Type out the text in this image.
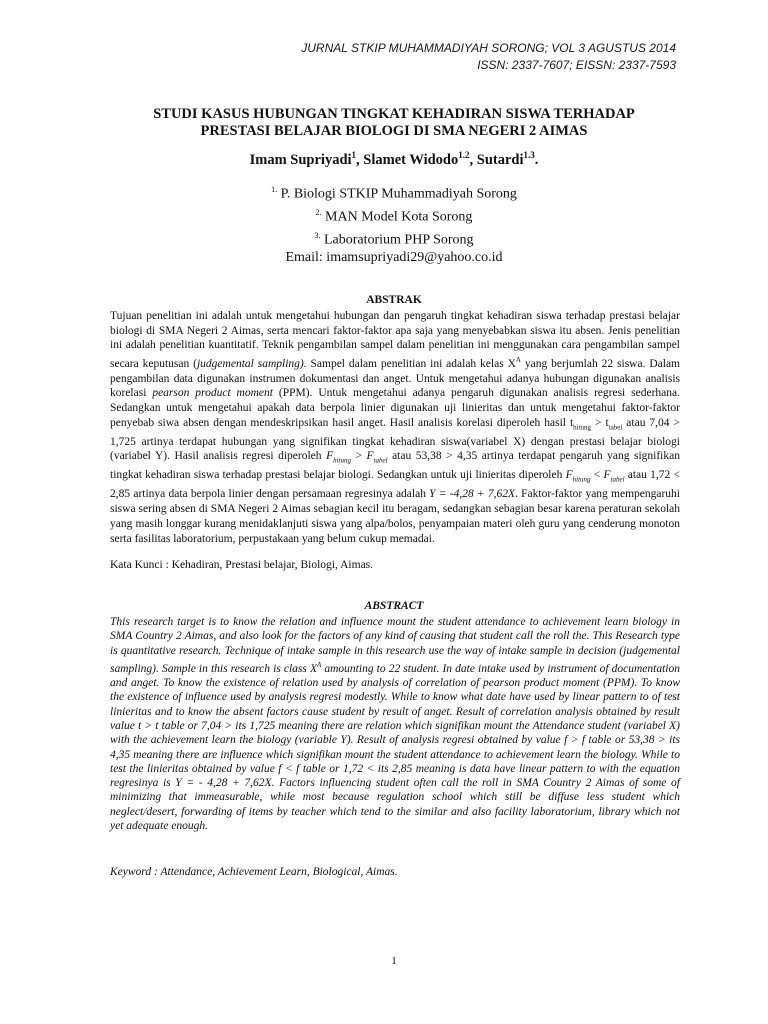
JURNAL STKIP MUHAMMADIYAH SORONG; VOL 3 AGUSTUS 2014
ISSN: 2337-7607; EISSN: 2337-7593
STUDI KASUS HUBUNGAN TINGKAT KEHADIRAN SISWA TERHADAP
PRESTASI BELAJAR BIOLOGI DI SMA NEGERI 2 AIMAS
Imam Supriyadi$^1$, Slamet Widodo$^{1.2}$, Sutardi$^{1.3}$.
$^{1.}$ P. Biologi STKIP Muhammadiyah Sorong
$^{2.}$ MAN Model Kota Sorong
$^{3.}$ Laboratorium PHP Sorong
Email: imamsupriyadi29@yahoo.co.id
ABSTRAK
Tujuan penelitian ini adalah untuk mengetahui hubungan dan pengaruh tingkat kehadiran siswa terhadap prestasi belajar biologi di SMA Negeri 2 Aimas, serta mencari faktor-faktor apa saja yang menyebabkan siswa itu absen. Jenis penelitian ini adalah penelitian kuantitatif. Teknik pengambilan sampel dalam penelitian ini menggunakan cara pengambilan sampel secara keputusan (judgemental sampling). Sampel dalam penelitian ini adalah kelas $X^A$ yang berjumlah 22 siswa. Dalam pengambilan data digunakan instrumen dokumentasi dan anget. Untuk mengetahui adanya hubungan digunakan analisis korelasi pearson product moment (PPM). Untuk mengetahui adanya pengaruh digunakan analisis regresi sederhana. Sedangkan untuk mengetahui apakah data berpola linier digunakan uji linieritas dan untuk mengetahui faktor-faktor penyebab siwa absen dengan mendeskripsikan hasil anget. Hasil analisis korelasi diperoleh hasil $t_{hitung} > t_{tabel}$ atau 7,04 > 1,725 artinya terdapat hubungan yang signifikan tingkat kehadiran siswa(variabel X) dengan prestasi belajar biologi (variabel Y). Hasil analisis regresi diperoleh $F_{hitung} > F_{tabel}$ atau 53,38 > 4,35 artinya terdapat pengaruh yang signifikan tingkat kehadiran siswa terhadap prestasi belajar biologi. Sedangkan untuk uji linieritas diperoleh $F_{hitung} < F_{tabel}$ atau 1,72 < 2,85 artinya data berpola linier dengan persamaan regresinya adalah Y = -4,28 + 7,62X. Faktor-faktor yang mempengaruhi siswa sering absen di SMA Negeri 2 Aimas sebagian kecil itu beragam, sedangkan sebagian besar karena peraturan sekolah yang masih longgar kurang menidaklanjuti siswa yang alpa/bolos, penyampaian materi oleh guru yang cenderung monoton serta fasilitas laboratorium, perpustakaan yang belum cukup memadai.
Kata Kunci : Kehadiran, Prestasi belajar, Biologi, Aimas.
ABSTRACT
This research target is to know the relation and influence mount the student attendance to achievement learn biology in SMA Country 2 Aimas, and also look for the factors of any kind of causing that student call the roll the. This Research type is quantitative research. Technique of intake sample in this research use the way of intake sample in decision (judgemental sampling). Sample in this research is class $X^A$ amounting to 22 student. In date intake used by instrument of documentation and anget. To know the existence of relation used by analysis of correlation of pearson product moment (PPM). To know the existence of influence used by analysis regresi modestly. While to know what date have used by linear pattern to of test linieritas and to know the absent factors cause student by result of anget. Result of correlation analysis obtained by result value t > t table or 7,04 > its 1,725 meaning there are relation which signifikan mount the Attendance student (variabel X) with the achievement learn the biology (variable Y). Result of analysis regresi obtained by value f > f table or 53,38 > its 4,35 meaning there are influence which signifikan mount the student attendance to achievement learn the biology. While to test the linieritas obtained by value f < f table or 1,72 < its 2,85 meaning is data have linear pattern to with the equation regresinya is Y = - 4,28 + 7,62X. Factors influencing student often call the roll in SMA Country 2 Aimas of some of minimizing that immeasurable, while most because regulation school which still be diffuse less student which neglect/desert, forwarding of items by teacher which tend to the similar and also facility laboratorium, library which not yet adequate enough.
Keyword : Attendance, Achievement Learn, Biological, Aimas.
1
